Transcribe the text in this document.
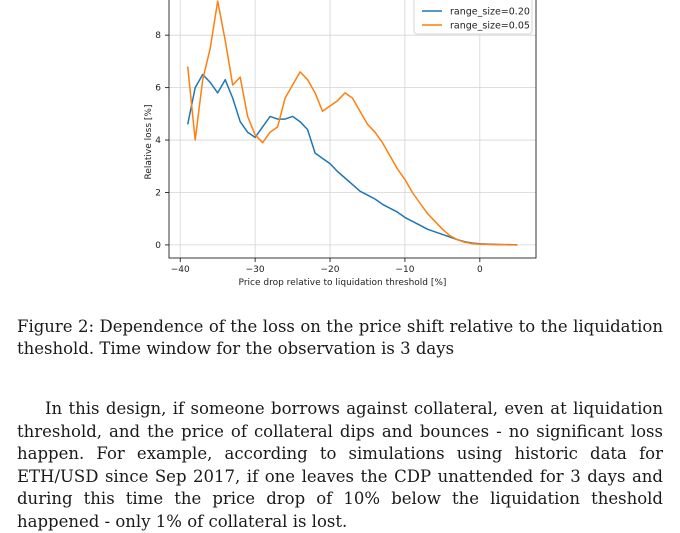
−40	−30	−20	−10	0
0
2
4
6
8
Price drop relative to liquidation threshold [%]
Relative loss [%]
range_size=0.20
range_size=0.05
Figure 2: Dependence of the loss on the price shift relative to the liquidation theshold. Time window for the observation is 3 days
In this design, if someone borrows against collateral, even at liquidation threshold, and the price of collateral dips and bounces - no significant loss happen. For example, according to simulations using historic data for ETH/USD since Sep 2017, if one leaves the CDP unattended for 3 days and during this time the price drop of 10% below the liquidation theshold happened - only 1% of collateral is lost.
